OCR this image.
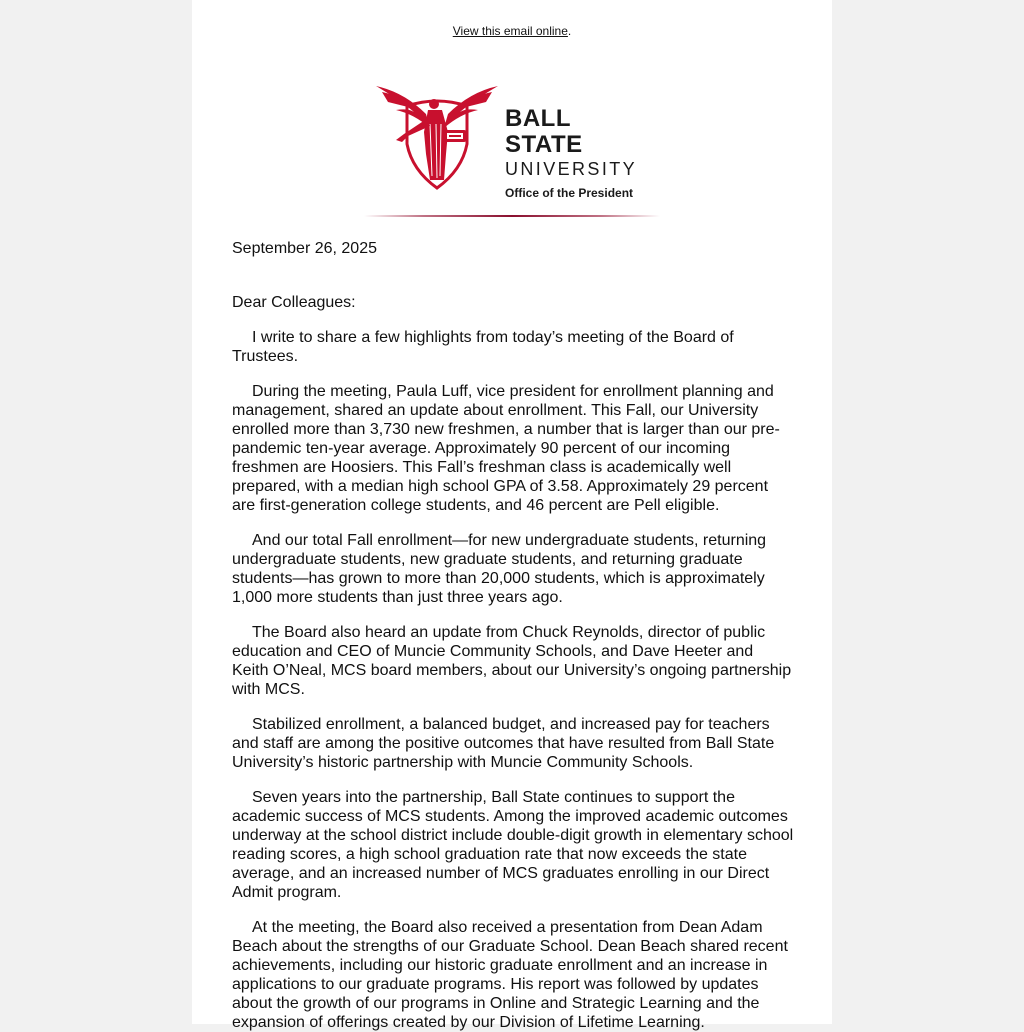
View this email online.
BALL STATE
UNIVERSITY
Office of the President

September 26, 2025

Dear Colleagues:

I write to share a few highlights from today’s meeting of the Board of Trustees.

During the meeting, Paula Luff, vice president for enrollment planning and management, shared an update about enrollment. This Fall, our University enrolled more than 3,730 new freshmen, a number that is larger than our pre-pandemic ten-year average. Approximately 90 percent of our incoming freshmen are Hoosiers. This Fall’s freshman class is academically well prepared, with a median high school GPA of 3.58. Approximately 29 percent are first-generation college students, and 46 percent are Pell eligible.

And our total Fall enrollment—for new undergraduate students, returning undergraduate students, new graduate students, and returning graduate students—has grown to more than 20,000 students, which is approximately 1,000 more students than just three years ago.

The Board also heard an update from Chuck Reynolds, director of public education and CEO of Muncie Community Schools, and Dave Heeter and Keith O’Neal, MCS board members, about our University’s ongoing partnership with MCS.

Stabilized enrollment, a balanced budget, and increased pay for teachers and staff are among the positive outcomes that have resulted from Ball State University’s historic partnership with Muncie Community Schools.

Seven years into the partnership, Ball State continues to support the academic success of MCS students. Among the improved academic outcomes underway at the school district include double-digit growth in elementary school reading scores, a high school graduation rate that now exceeds the state average, and an increased number of MCS graduates enrolling in our Direct Admit program.

At the meeting, the Board also received a presentation from Dean Adam Beach about the strengths of our Graduate School. Dean Beach shared recent achievements, including our historic graduate enrollment and an increase in applications to our graduate programs. His report was followed by updates about the growth of our programs in Online and Strategic Learning and the expansion of offerings created by our Division of Lifetime Learning.
